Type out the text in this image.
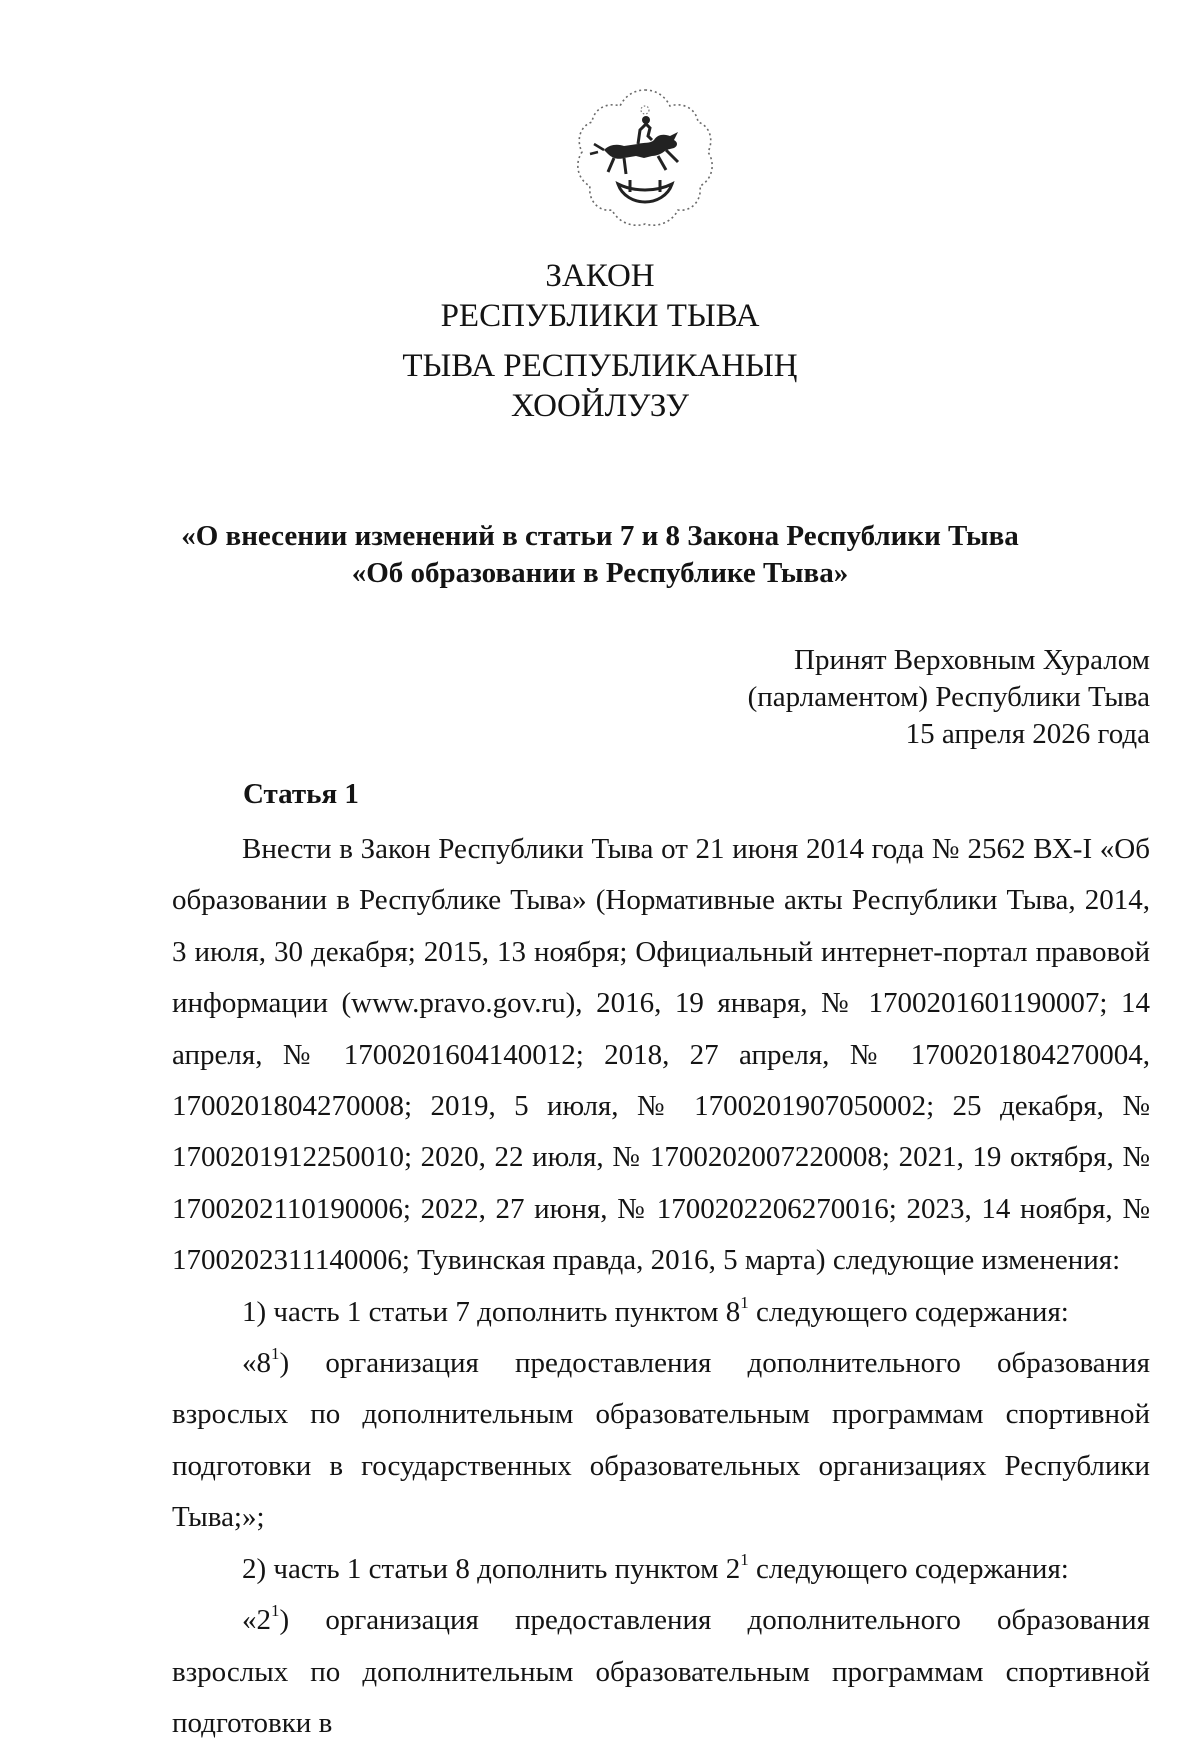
ЗАКОН
РЕСПУБЛИКИ ТЫВА
ТЫВА РЕСПУБЛИКАНЫҢ
ХООЙЛУЗУ
«О внесении изменений в статьи 7 и 8 Закона Республики Тыва
«Об образовании в Республике Тыва»
Принят Верховным Хуралом
(парламентом) Республики Тыва
15 апреля 2026 года
Статья 1

Внести в Закон Республики Тыва от 21 июня 2014 года № 2562 ВХ-I «Об образовании в Республике Тыва» (Нормативные акты Республики Тыва, 2014, 3 июля, 30 декабря; 2015, 13 ноября; Официальный интернет-портал правовой информации (www.pravo.gov.ru), 2016, 19 января, № 1700201601190007; 14 апреля, № 1700201604140012; 2018, 27 апреля, № 1700201804270004, 1700201804270008; 2019, 5 июля, № 1700201907050002; 25 декабря, № 1700201912250010; 2020, 22 июля, № 1700202007220008; 2021, 19 октября, № 1700202110190006; 2022, 27 июня, № 1700202206270016; 2023, 14 ноября, № 1700202311140006; Тувинская правда, 2016, 5 марта) следующие изменения:

1) часть 1 статьи 7 дополнить пунктом $8^1$ следующего содержания:

«$8^1$) организация предоставления дополнительного образования взрослых по дополнительным образовательным программам спортивной подготовки в государственных образовательных организациях Республики Тыва;»;

2) часть 1 статьи 8 дополнить пунктом $2^1$ следующего содержания:

«$2^1$) организация предоставления дополнительного образования взрослых по дополнительным образовательным программам спортивной подготовки в
